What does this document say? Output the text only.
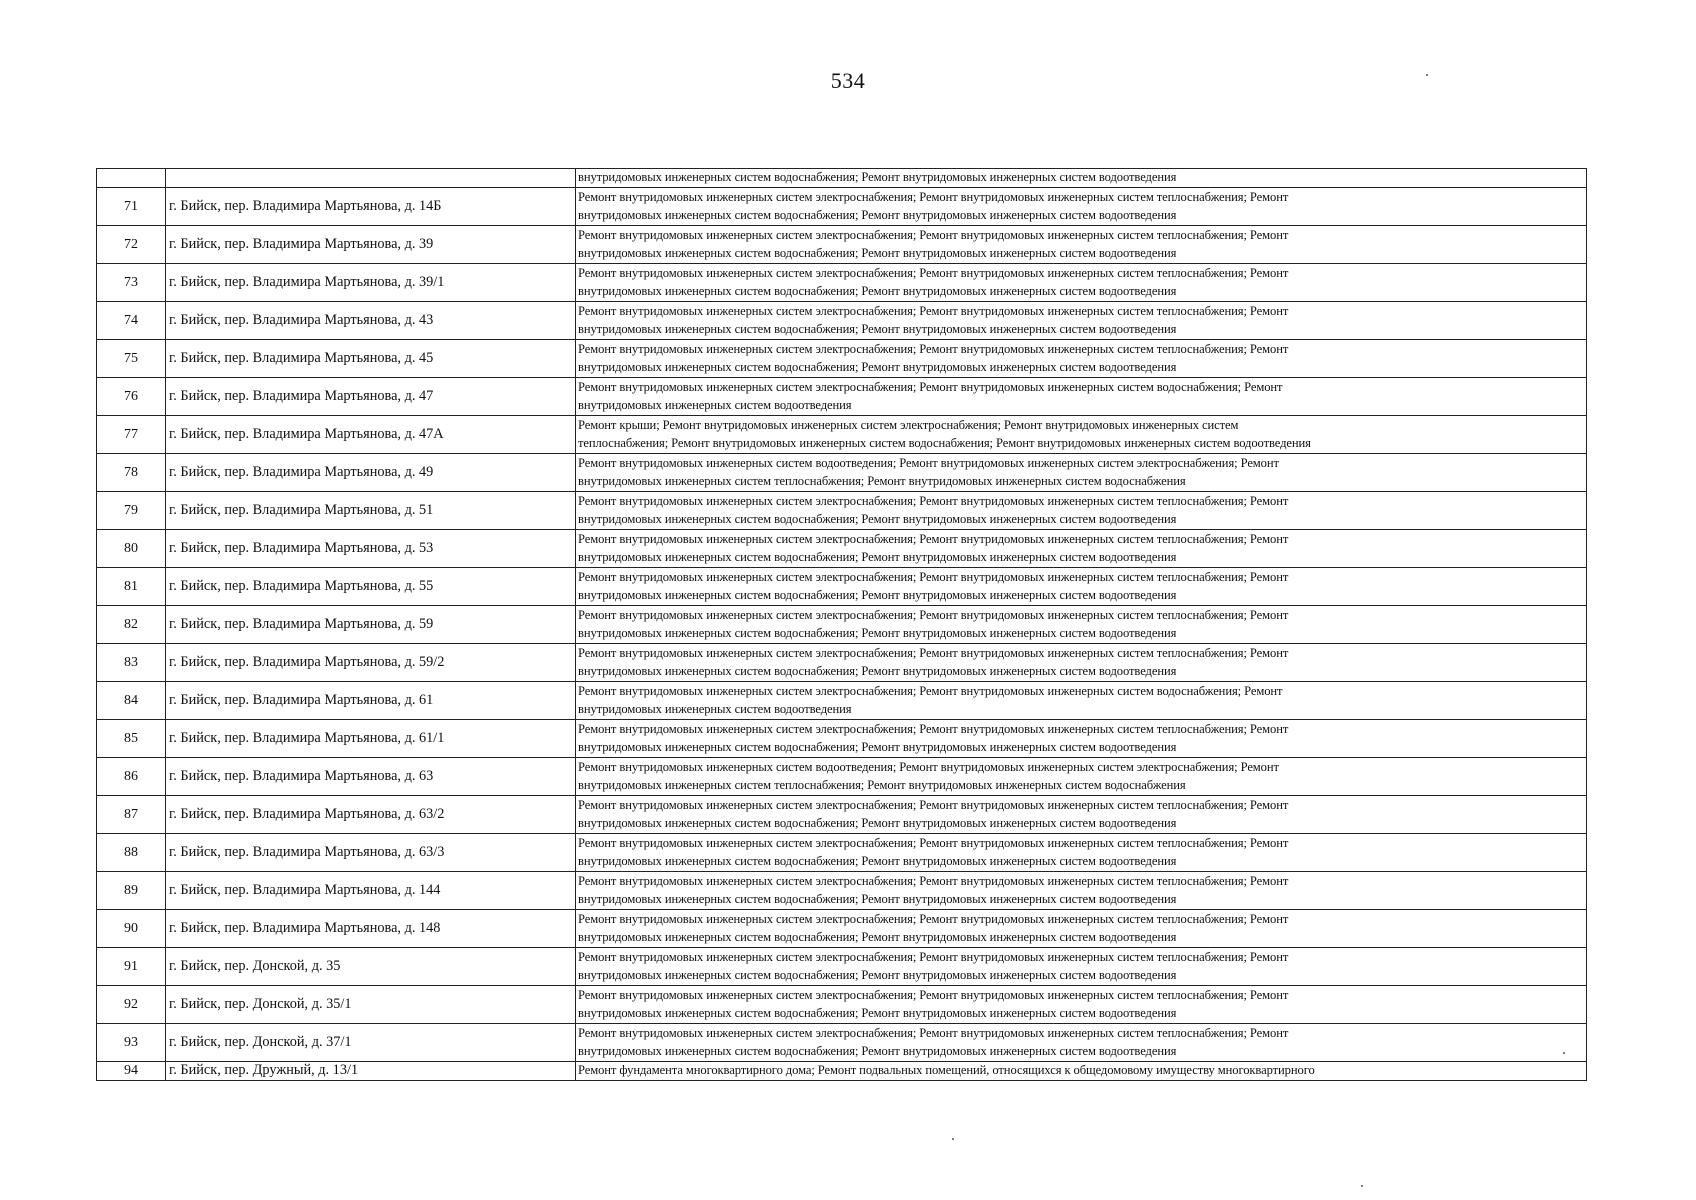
534

		внутридомовых инженерных систем водоснабжения; Ремонт внутридомовых инженерных систем водоотведения

71	г. Бийск, пер. Владимира Мартьянова, д. 14Б	Ремонт внутридомовых инженерных систем электроснабжения; Ремонт внутридомовых инженерных систем теплоснабжения; Ремонт
внутридомовых инженерных систем водоснабжения; Ремонт внутридомовых инженерных систем водоотведения

72	г. Бийск, пер. Владимира Мартьянова, д. 39	Ремонт внутридомовых инженерных систем электроснабжения; Ремонт внутридомовых инженерных систем теплоснабжения; Ремонт
внутридомовых инженерных систем водоснабжения; Ремонт внутридомовых инженерных систем водоотведения

73	г. Бийск, пер. Владимира Мартьянова, д. 39/1	Ремонт внутридомовых инженерных систем электроснабжения; Ремонт внутридомовых инженерных систем теплоснабжения; Ремонт
внутридомовых инженерных систем водоснабжения; Ремонт внутридомовых инженерных систем водоотведения

74	г. Бийск, пер. Владимира Мартьянова, д. 43	Ремонт внутридомовых инженерных систем электроснабжения; Ремонт внутридомовых инженерных систем теплоснабжения; Ремонт
внутридомовых инженерных систем водоснабжения; Ремонт внутридомовых инженерных систем водоотведения

75	г. Бийск, пер. Владимира Мартьянова, д. 45	Ремонт внутридомовых инженерных систем электроснабжения; Ремонт внутридомовых инженерных систем теплоснабжения; Ремонт
внутридомовых инженерных систем водоснабжения; Ремонт внутридомовых инженерных систем водоотведения

76	г. Бийск, пер. Владимира Мартьянова, д. 47	Ремонт внутридомовых инженерных систем электроснабжения; Ремонт внутридомовых инженерных систем водоснабжения; Ремонт
внутридомовых инженерных систем водоотведения

77	г. Бийск, пер. Владимира Мартьянова, д. 47А	Ремонт крыши; Ремонт внутридомовых инженерных систем электроснабжения; Ремонт внутридомовых инженерных систем
теплоснабжения; Ремонт внутридомовых инженерных систем водоснабжения; Ремонт внутридомовых инженерных систем водоотведения

78	г. Бийск, пер. Владимира Мартьянова, д. 49	Ремонт внутридомовых инженерных систем водоотведения; Ремонт внутридомовых инженерных систем электроснабжения; Ремонт
внутридомовых инженерных систем теплоснабжения; Ремонт внутридомовых инженерных систем водоснабжения

79	г. Бийск, пер. Владимира Мартьянова, д. 51	Ремонт внутридомовых инженерных систем электроснабжения; Ремонт внутридомовых инженерных систем теплоснабжения; Ремонт
внутридомовых инженерных систем водоснабжения; Ремонт внутридомовых инженерных систем водоотведения

80	г. Бийск, пер. Владимира Мартьянова, д. 53	Ремонт внутридомовых инженерных систем электроснабжения; Ремонт внутридомовых инженерных систем теплоснабжения; Ремонт
внутридомовых инженерных систем водоснабжения; Ремонт внутридомовых инженерных систем водоотведения

81	г. Бийск, пер. Владимира Мартьянова, д. 55	Ремонт внутридомовых инженерных систем электроснабжения; Ремонт внутридомовых инженерных систем теплоснабжения; Ремонт
внутридомовых инженерных систем водоснабжения; Ремонт внутридомовых инженерных систем водоотведения

82	г. Бийск, пер. Владимира Мартьянова, д. 59	Ремонт внутридомовых инженерных систем электроснабжения; Ремонт внутридомовых инженерных систем теплоснабжения; Ремонт
внутридомовых инженерных систем водоснабжения; Ремонт внутридомовых инженерных систем водоотведения

83	г. Бийск, пер. Владимира Мартьянова, д. 59/2	Ремонт внутридомовых инженерных систем электроснабжения; Ремонт внутридомовых инженерных систем теплоснабжения; Ремонт
внутридомовых инженерных систем водоснабжения; Ремонт внутридомовых инженерных систем водоотведения

84	г. Бийск, пер. Владимира Мартьянова, д. 61	Ремонт внутридомовых инженерных систем электроснабжения; Ремонт внутридомовых инженерных систем водоснабжения; Ремонт
внутридомовых инженерных систем водоотведения

85	г. Бийск, пер. Владимира Мартьянова, д. 61/1	Ремонт внутридомовых инженерных систем электроснабжения; Ремонт внутридомовых инженерных систем теплоснабжения; Ремонт
внутридомовых инженерных систем водоснабжения; Ремонт внутридомовых инженерных систем водоотведения

86	г. Бийск, пер. Владимира Мартьянова, д. 63	Ремонт внутридомовых инженерных систем водоотведения; Ремонт внутридомовых инженерных систем электроснабжения; Ремонт
внутридомовых инженерных систем теплоснабжения; Ремонт внутридомовых инженерных систем водоснабжения

87	г. Бийск, пер. Владимира Мартьянова, д. 63/2	Ремонт внутридомовых инженерных систем электроснабжения; Ремонт внутридомовых инженерных систем теплоснабжения; Ремонт
внутридомовых инженерных систем водоснабжения; Ремонт внутридомовых инженерных систем водоотведения

88	г. Бийск, пер. Владимира Мартьянова, д. 63/3	Ремонт внутридомовых инженерных систем электроснабжения; Ремонт внутридомовых инженерных систем теплоснабжения; Ремонт
внутридомовых инженерных систем водоснабжения; Ремонт внутридомовых инженерных систем водоотведения

89	г. Бийск, пер. Владимира Мартьянова, д. 144	Ремонт внутридомовых инженерных систем электроснабжения; Ремонт внутридомовых инженерных систем теплоснабжения; Ремонт
внутридомовых инженерных систем водоснабжения; Ремонт внутридомовых инженерных систем водоотведения

90	г. Бийск, пер. Владимира Мартьянова, д. 148	Ремонт внутридомовых инженерных систем электроснабжения; Ремонт внутридомовых инженерных систем теплоснабжения; Ремонт
внутридомовых инженерных систем водоснабжения; Ремонт внутридомовых инженерных систем водоотведения

91	г. Бийск, пер. Донской, д. 35	Ремонт внутридомовых инженерных систем электроснабжения; Ремонт внутридомовых инженерных систем теплоснабжения; Ремонт
внутридомовых инженерных систем водоснабжения; Ремонт внутридомовых инженерных систем водоотведения

92	г. Бийск, пер. Донской, д. 35/1	Ремонт внутридомовых инженерных систем электроснабжения; Ремонт внутридомовых инженерных систем теплоснабжения; Ремонт
внутридомовых инженерных систем водоснабжения; Ремонт внутридомовых инженерных систем водоотведения

93	г. Бийск, пер. Донской, д. 37/1	Ремонт внутридомовых инженерных систем электроснабжения; Ремонт внутридомовых инженерных систем теплоснабжения; Ремонт
внутридомовых инженерных систем водоснабжения; Ремонт внутридомовых инженерных систем водоотведения

94	г. Бийск, пер. Дружный, д. 13/1	Ремонт фундамента многоквартирного дома; Ремонт подвальных помещений, относящихся к общедомовому имуществу многоквартирного
